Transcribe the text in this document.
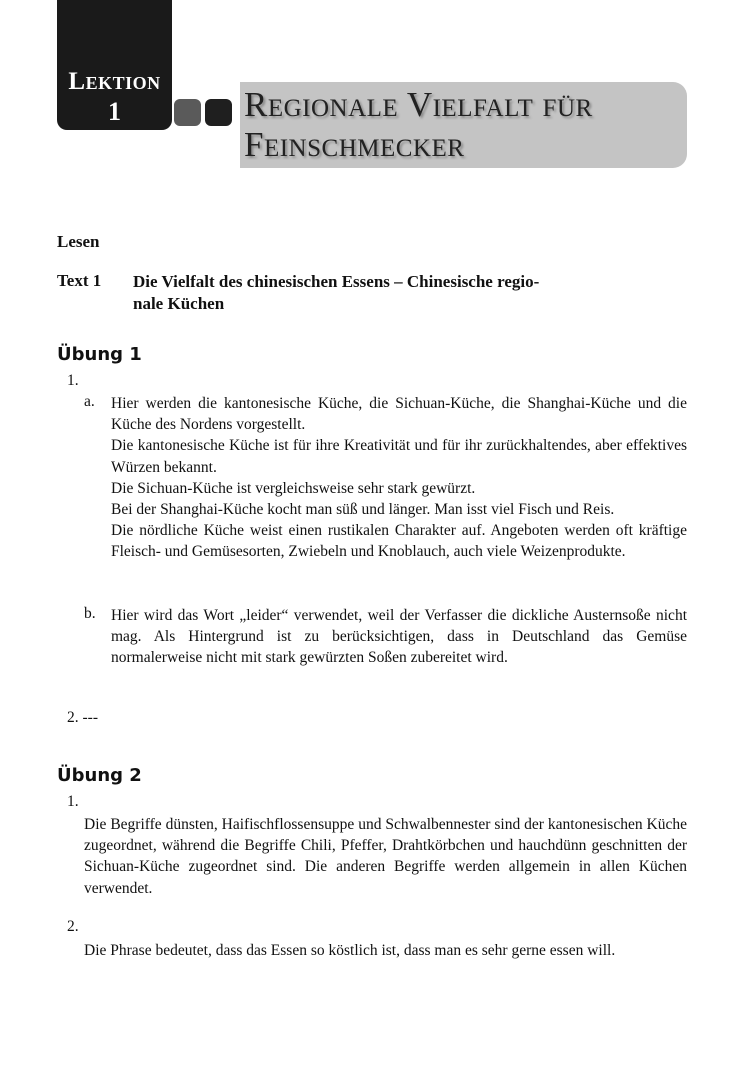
Lektion
1	Regionale Vielfalt für
Feinschmecker
Lesen
Text 1 Die Vielfalt des chinesischen Essens – Chinesische regio-
nale Küchen
Übung 1
1.
a. Hier werden die kantonesische Küche, die Sichuan-Küche, die Shanghai-Küche und die Küche des Nordens vorgestellt.

Die kantonesische Küche ist für ihre Kreativität und für ihr zurückhaltendes, aber effektives Würzen bekannt.

Die Sichuan-Küche ist vergleichsweise sehr stark gewürzt.

Bei der Shanghai-Küche kocht man süß und länger. Man isst viel Fisch und Reis.

Die nördliche Küche weist einen rustikalen Charakter auf. Angeboten werden oft kräftige Fleisch- und Gemüsesorten, Zwiebeln und Knoblauch, auch viele Weizenprodukte.

b. Hier wird das Wort „leider“ verwendet, weil der Verfasser die dickliche Austernsoße nicht mag. Als Hintergrund ist zu berücksichtigen, dass in Deutschland das Gemüse normalerweise nicht mit stark gewürzten Soßen zubereitet wird.
2. ---
Übung 2
1.
Die Begriffe dünsten, Haifischflossensuppe und Schwalbennester sind der kantonesischen Küche zugeordnet, während die Begriffe Chili, Pfeffer, Drahtkörbchen und hauchdünn geschnitten der Sichuan-Küche zugeordnet sind. Die anderen Begriffe werden allgemein in allen Küchen verwendet.
2.
Die Phrase bedeutet, dass das Essen so köstlich ist, dass man es sehr gerne essen will.
